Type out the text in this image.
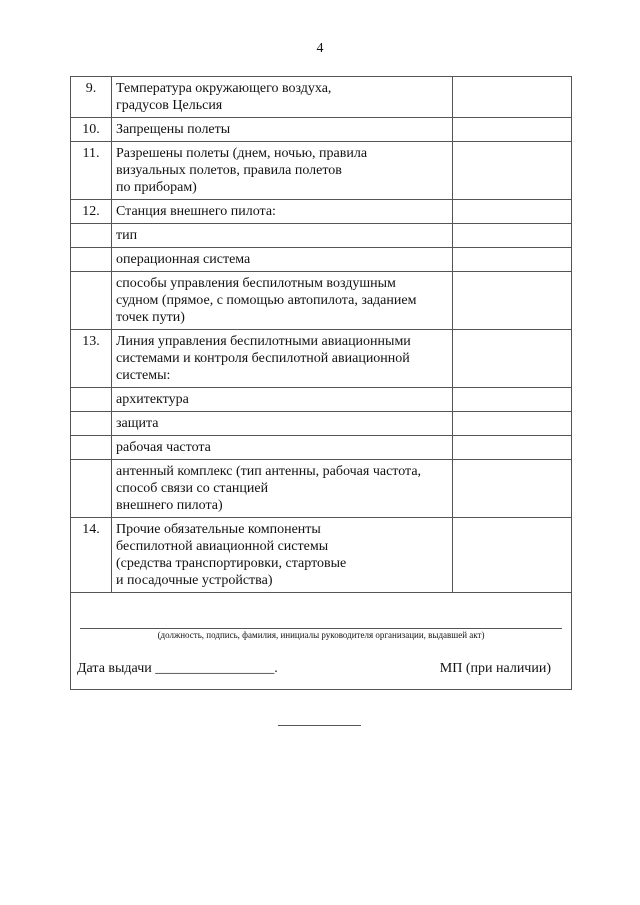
4
9.	Температура окружающего воздуха,
градусов Цельсия	
10.	Запрещены полеты	
11.	Разрешены полеты (днем, ночью, правила
визуальных полетов, правила полетов
по приборам)	
12.	Станция внешнего пилота:	
	тип	
	операционная система	
	способы управления беспилотным воздушным
судном (прямое, с помощью автопилота, заданием
точек пути)	
13.	Линия управления беспилотными авиационными
системами и контроля беспилотной авиационной
системы:	
	архитектура	
	защита	
	рабочая частота	
	антенный комплекс (тип антенны, рабочая частота,
способ связи со станцией
внешнего пилота)	
14.	Прочие обязательные компоненты
беспилотной авиационной системы
(средства транспортировки, стартовые
и посадочные устройства)	

(должность, подпись, фамилия, инициалы руководителя организации, выдавшей акт)
Дата выдачи _________________. МП (при наличии)		
